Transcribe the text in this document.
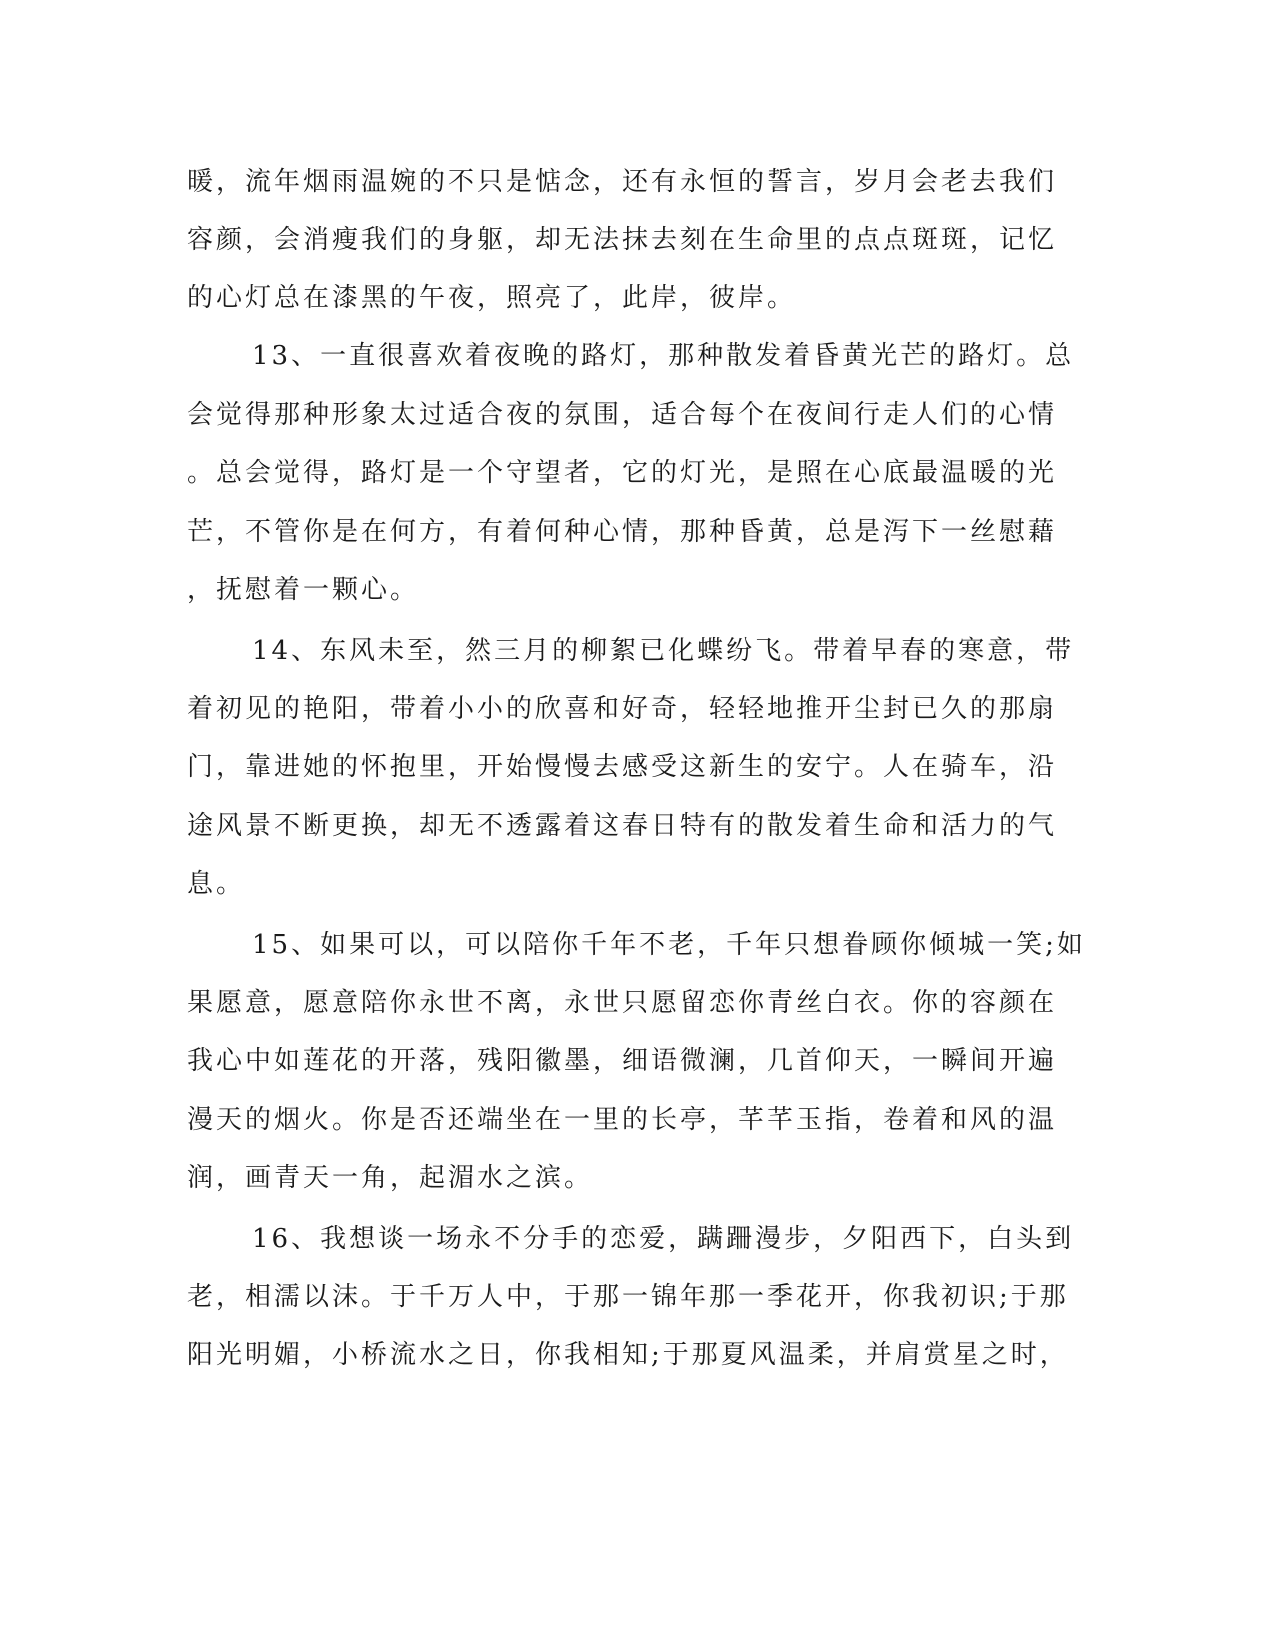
暖，流年烟雨温婉的不只是惦念，还有永恒的誓言，岁月会老去我们
容颜，会消瘦我们的身躯，却无法抹去刻在生命里的点点斑斑，记忆
的心灯总在漆黑的午夜，照亮了，此岸，彼岸。
13、一直很喜欢着夜晚的路灯，那种散发着昏黄光芒的路灯。总
会觉得那种形象太过适合夜的氛围，适合每个在夜间行走人们的心情
。总会觉得，路灯是一个守望者，它的灯光，是照在心底最温暖的光
芒，不管你是在何方，有着何种心情，那种昏黄，总是泻下一丝慰藉
，抚慰着一颗心。
14、东风未至，然三月的柳絮已化蝶纷飞。带着早春的寒意，带
着初见的艳阳，带着小小的欣喜和好奇，轻轻地推开尘封已久的那扇
门，靠进她的怀抱里，开始慢慢去感受这新生的安宁。人在骑车，沿
途风景不断更换，却无不透露着这春日特有的散发着生命和活力的气
息。
15、如果可以，可以陪你千年不老，千年只想眷顾你倾城一笑;如
果愿意，愿意陪你永世不离，永世只愿留恋你青丝白衣。你的容颜在
我心中如莲花的开落，残阳徽墨，细语微澜，几首仰天，一瞬间开遍
漫天的烟火。你是否还端坐在一里的长亭，芊芊玉指，卷着和风的温
润，画青天一角，起湄水之滨。
16、我想谈一场永不分手的恋爱，蹒跚漫步，夕阳西下，白头到
老，相濡以沫。于千万人中，于那一锦年那一季花开，你我初识;于那
阳光明媚，小桥流水之日，你我相知;于那夏风温柔，并肩赏星之时，
